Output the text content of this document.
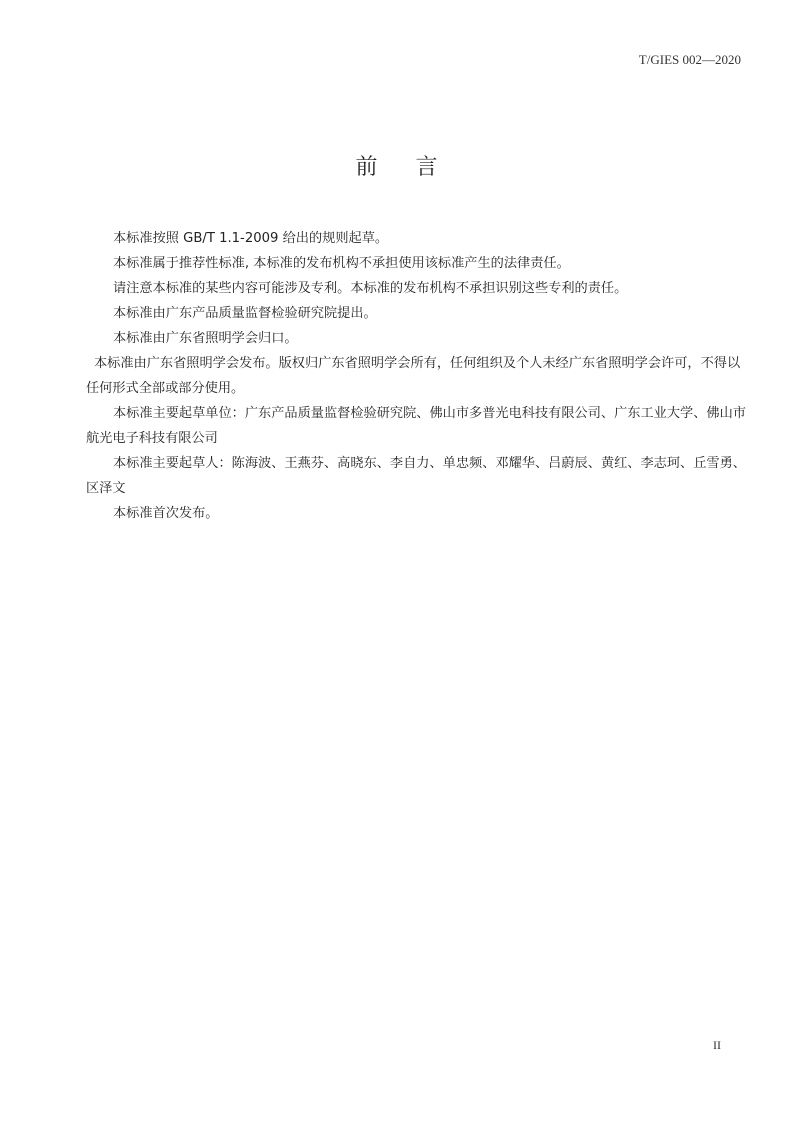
T/GIES 002—2020
前言

本标准按照 GB/T 1.1-2009 给出的规则起草。

本标准属于推荐性标准, 本标准的发布机构不承担使用该标准产生的法律责任。

请注意本标准的某些内容可能涉及专利。本标准的发布机构不承担识别这些专利的责任。

本标准由广东产品质量监督检验研究院提出。

本标准由广东省照明学会归口。

本标准由广东省照明学会发布。版权归广东省照明学会所有，任何组织及个人未经广东省照明学会许可，不得以任何形式全部或部分使用。

本标准主要起草单位：广东产品质量监督检验研究院、佛山市多普光电科技有限公司、广东工业大学、佛山市航光电子科技有限公司

本标准主要起草人：陈海波、王燕芬、高晓东、李自力、单忠频、邓耀华、吕蔚辰、黄红、李志珂、丘雪勇、区泽文

本标准首次发布。

II
